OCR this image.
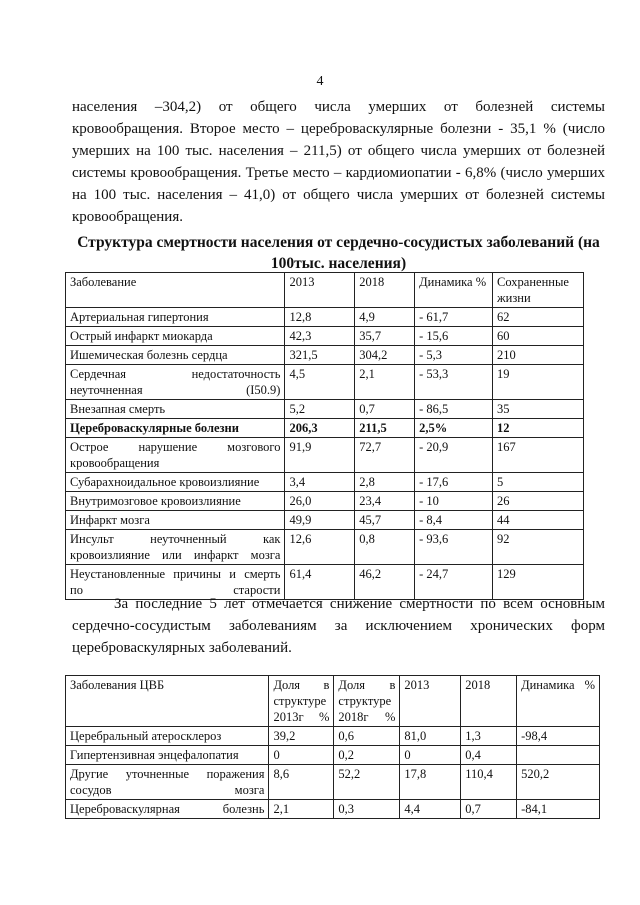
4
населения –304,2) от общего числа умерших от болезней системы кровообращения. Второе место – цереброваскулярные болезни - 35,1 % (число умерших на 100 тыс. населения – 211,5) от общего числа умерших от болезней системы кровообращения. Третье место – кардиомиопатии - 6,8% (число умерших на 100 тыс. населения – 41,0) от общего числа умерших от болезней системы кровообращения.
Структура смертности населения от сердечно-сосудистых заболеваний (на 100тыс. населения)
Заболевание	2013	2018	Динамика %	Сохраненные жизни
Артериальная гипертония	12,8	4,9	- 61,7	62
Острый инфаркт миокарда	42,3	35,7	- 15,6	60
Ишемическая болезнь сердца	321,5	304,2	- 5,3	210
Сердечная недостаточность неуточненная (I50.9)	4,5	2,1	- 53,3	19
Внезапная смерть	5,2	0,7	- 86,5	35
Цереброваскулярные болезни	206,3	211,5	2,5%	12
Острое нарушение мозгового кровообращения	91,9	72,7	- 20,9	167
Субарахноидальное кровоизлияние	3,4	2,8	- 17,6	5
Внутримозговое кровоизлияние	26,0	23,4	- 10	26
Инфаркт мозга	49,9	45,7	- 8,4	44
Инсульт неуточненный как кровоизлияние или инфаркт мозга	12,6	0,8	- 93,6	92
Неустановленные причины и смерть по старости	61,4	46,2	- 24,7	129
За последние 5 лет отмечается снижение смертности по всем основным сердечно-сосудистым заболеваниям за исключением хронических форм цереброваскулярных заболеваний.
Заболевания ЦВБ	Доля в структуре 2013г %	Доля в структуре 2018г %	2013	2018	Динамика %
Церебральный атеросклероз	39,2	0,6	81,0	1,3	-98,4
Гипертензивная энцефалопатия	0	0,2	0	0,4	
Другие уточненные поражения сосудов мозга	8,6	52,2	17,8	110,4	520,2
Цереброваскулярная болезнь	2,1	0,3	4,4	0,7	-84,1
